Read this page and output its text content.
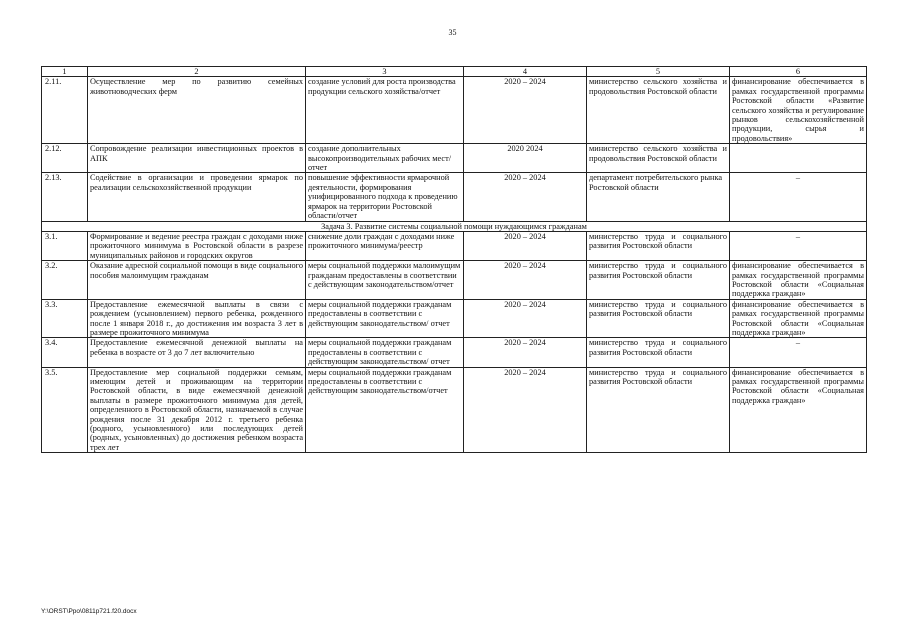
35
1	2	3	4	5	6
2.11.	Осуществление мер по развитию семейных животноводческих ферм	создание условий для роста производства продукции сельского хозяйства/отчет	2020 – 2024	министерство сельского хозяйства и продовольствия Ростовской области	финансирование обеспечивается в рамках государственной программы Ростовской области «Развитие сельского хозяйства и регулирование рынков сельскохозяйственной продукции, сырья и продовольствия»
2.12.	Сопровождение реализации инвестиционных проектов в АПК	создание дополнительных высокопроизводительных рабочих мест/отчет	2020 2024	министерство сельского хозяйства и продовольствия Ростовской области	
2.13.	Содействие в организации и проведении ярмарок по реализации сельскохозяйственной продукции	повышение эффективности ярмарочной деятельности, формирования унифицированного подхода к проведению ярмарок на территории Ростовской области/отчет	2020 – 2024	департамент потребительского рынка Ростовской области	–
Задача 3. Развитие системы социальной помощи нуждающимся гражданам					
3.1.	Формирование и ведение реестра граждан с доходами ниже прожиточного минимума в Ростовской области в разрезе муниципальных районов и городских округов	снижение доли граждан с доходами ниже прожиточного минимума/реестр	2020 – 2024	министерство труда и социального развития Ростовской области	–
3.2.	Оказание адресной социальной помощи в виде социального пособия малоимущим гражданам	меры социальной поддержки малоимущим гражданам предоставлены в соответствии с действующим законодательством/отчет	2020 – 2024	министерство труда и социального развития Ростовской области	финансирование обеспечивается в рамках государственной программы Ростовской области «Социальная поддержка граждан»
3.3.	Предоставление ежемесячной выплаты в связи с рождением (усыновлением) первого ребенка, рожденного после 1 января 2018 г., до достижения им возраста 3 лет в размере прожиточного минимума	меры социальной поддержки гражданам предоставлены в соответствии с действующим законодательством/ отчет	2020 – 2024	министерство труда и социального развития Ростовской области	финансирование обеспечивается в рамках государственной программы Ростовской области «Социальная поддержка граждан»
3.4.	Предоставление ежемесячной денежной выплаты на ребенка в возрасте от 3 до 7 лет включительно	меры социальной поддержки гражданам предоставлены в соответствии с действующим законодательством/ отчет	2020 – 2024	министерство труда и социального развития Ростовской области	–
3.5.	Предоставление мер социальной поддержки семьям, имеющим детей и проживающим на территории Ростовской области, в виде ежемесячной денежной выплаты в размере прожиточного минимума для детей, определенного в Ростовской области, назначаемой в случае рождения после 31 декабря 2012 г. третьего ребенка (родного, усыновленного) или последующих детей (родных, усыновленных) до достижения ребенком возраста трех лет	меры социальной поддержки гражданам предоставлены в соответствии с действующим законодательством/отчет	2020 – 2024	министерство труда и социального развития Ростовской области	финансирование обеспечивается в рамках государственной программы Ростовской области «Социальная поддержка граждан»
Y:\ORST\Ppo\0811p721.f20.docx
